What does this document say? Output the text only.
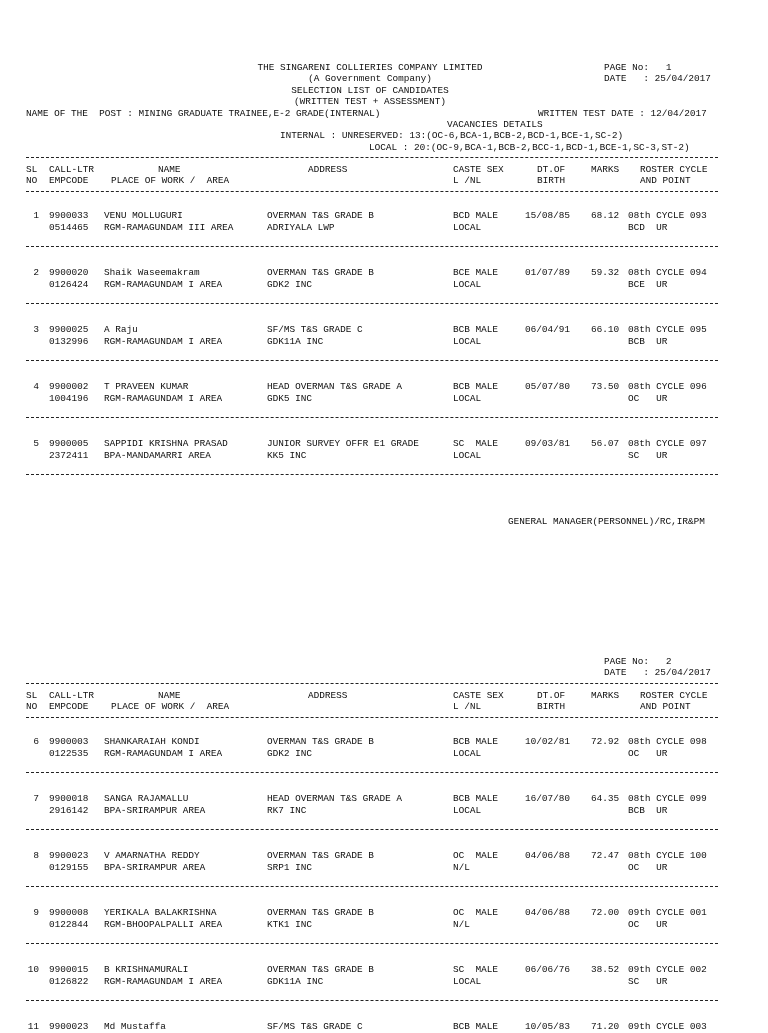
THE SINGARENI COLLIERIES COMPANY LIMITED	PAGE No:   1
(A Government Company)	DATE   : 25/04/2017
SELECTION LIST OF CANDIDATES
(WRITTEN TEST + ASSESSMENT)
NAME OF THE  POST : MINING GRADUATE TRAINEE,E-2 GRADE(INTERNAL)	WRITTEN TEST DATE : 12/04/2017
VACANCIES DETAILS
INTERNAL : UNRESERVED: 13:(OC-6,BCA-1,BCB-2,BCD-1,BCE-1,SC-2)
LOCAL : 20:(OC-9,BCA-1,BCB-2,BCC-1,BCD-1,BCE-1,SC-3,ST-2)
SL CALL-LTR	NAME	ADDRESS	CASTE SEX	DT.OF	MARKS ROSTER CYCLE
NO EMPCODE PLACE OF WORK /  AREA	L /NL	BIRTH	AND POINT
1 9900033 VENU MOLLUGURI	OVERMAN T&S GRADE B	BCD MALE	15/08/85 68.12 08th CYCLE 093
0514465 RGM-RAMAGUNDAM III AREA	ADRIYALA LWP	LOCAL	BCD  UR
2 9900020 Shaik Waseemakram	OVERMAN T&S GRADE B	BCE MALE	01/07/89 59.32 08th CYCLE 094
0126424 RGM-RAMAGUNDAM I AREA	GDK2 INC	LOCAL	BCE  UR
3 9900025 A Raju	SF/MS T&S GRADE C	BCB MALE	06/04/91 66.10 08th CYCLE 095
0132996 RGM-RAMAGUNDAM I AREA	GDK11A INC	LOCAL	BCB  UR
4 9900002 T PRAVEEN KUMAR	HEAD OVERMAN T&S GRADE A	BCB MALE	05/07/80 73.50 08th CYCLE 096
1004196 RGM-RAMAGUNDAM I AREA	GDK5 INC	LOCAL	OC   UR
5 9900005 SAPPIDI KRISHNA PRASAD	JUNIOR SURVEY OFFR E1 GRADE	SC  MALE	09/03/81 56.07 08th CYCLE 097
2372411 BPA-MANDAMARRI AREA	KK5 INC	LOCAL	SC   UR
GENERAL MANAGER(PERSONNEL)/RC,IR&PM
PAGE No:   2
DATE   : 25/04/2017
SL CALL-LTR	NAME	ADDRESS	CASTE SEX	DT.OF	MARKS ROSTER CYCLE
NO EMPCODE PLACE OF WORK /  AREA	L /NL	BIRTH	AND POINT
6 9900003 SHANKARAIAH KONDI	OVERMAN T&S GRADE B	BCB MALE	10/02/81 72.92 08th CYCLE 098
0122535 RGM-RAMAGUNDAM I AREA	GDK2 INC	LOCAL	OC   UR
7 9900018 SANGA RAJAMALLU	HEAD OVERMAN T&S GRADE A	BCB MALE	16/07/80 64.35 08th CYCLE 099
2916142 BPA-SRIRAMPUR AREA	RK7 INC	LOCAL	BCB  UR
8 9900023 V AMARNATHA REDDY	OVERMAN T&S GRADE B	OC  MALE	04/06/88 72.47 08th CYCLE 100
0129155 BPA-SRIRAMPUR AREA	SRP1 INC	N/L	OC   UR
9 9900008 YERIKALA BALAKRISHNA	OVERMAN T&S GRADE B	OC  MALE	04/06/88 72.00 09th CYCLE 001
0122844 RGM-BHOOPALPALLI AREA	KTK1 INC	N/L	OC   UR
10 9900015 B KRISHNAMURALI	OVERMAN T&S GRADE B	SC  MALE	06/06/76 38.52 09th CYCLE 002
0126822 RGM-RAMAGUNDAM I AREA	GDK11A INC	LOCAL	SC   UR
11 9900023 Md Mustaffa	SF/MS T&S GRADE C	BCB MALE	10/05/83 71.20 09th CYCLE 003
